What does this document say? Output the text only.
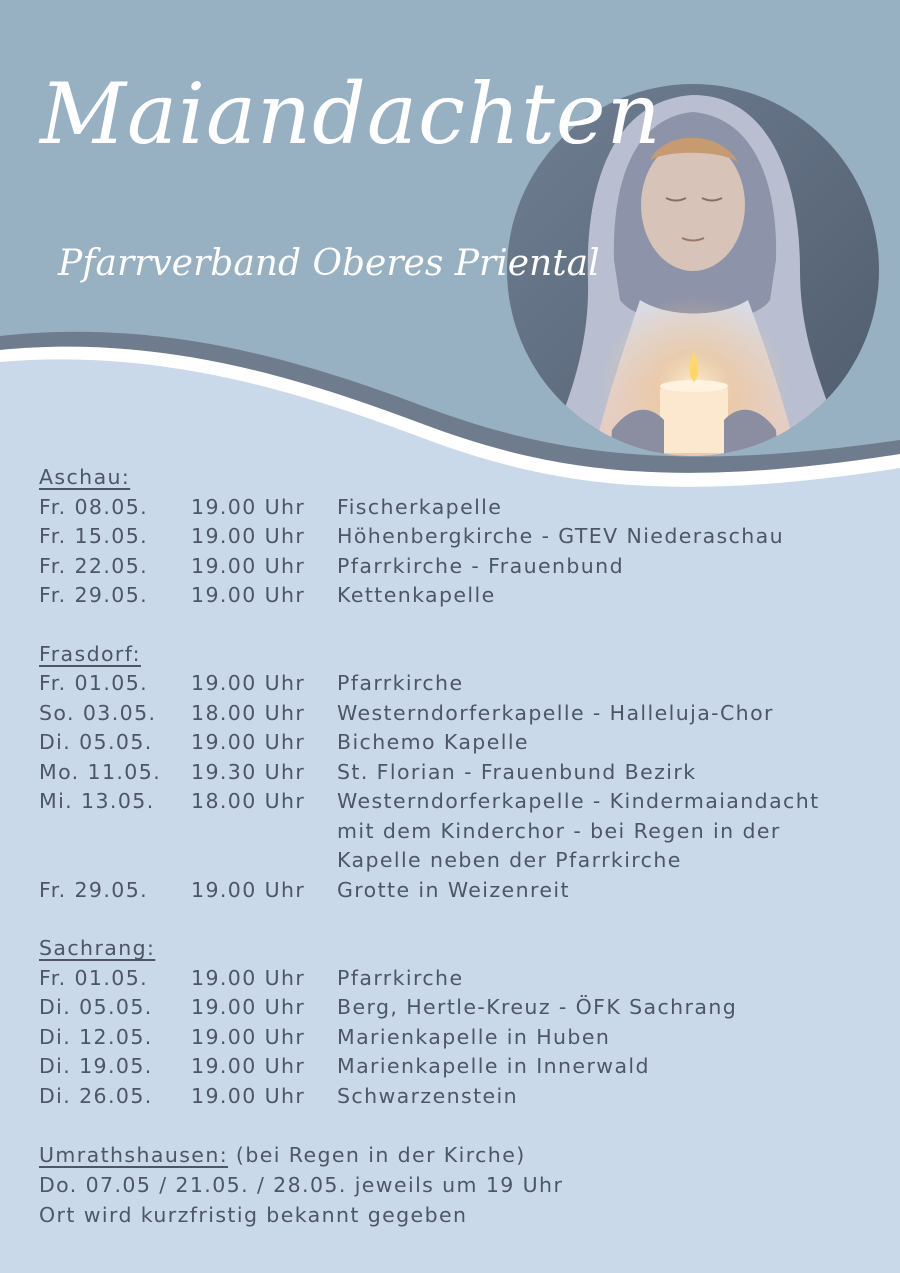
Maiandachten
Pfarrverband Oberes Priental
Aschau:
Fr. 08.05.	19.00 Uhr	Fischerkapelle
Fr. 15.05.	19.00 Uhr	Höhenbergkirche - GTEV Niederaschau
Fr. 22.05.	19.00 Uhr	Pfarrkirche - Frauenbund
Fr. 29.05.	19.00 Uhr	Kettenkapelle
Frasdorf:
Fr. 01.05.	19.00 Uhr	Pfarrkirche
So. 03.05.	18.00 Uhr	Westerndorferkapelle - Halleluja-Chor
Di. 05.05.	19.00 Uhr	Bichemo Kapelle
Mo. 11.05.	19.30 Uhr	St. Florian - Frauenbund Bezirk
Mi. 13.05.	18.00 Uhr	Westerndorferkapelle - Kindermaiandacht
mit dem Kinderchor - bei Regen in der
Kapelle neben der Pfarrkirche
Fr. 29.05.	19.00 Uhr	Grotte in Weizenreit
Sachrang:
Fr. 01.05.	19.00 Uhr	Pfarrkirche
Di. 05.05.	19.00 Uhr	Berg, Hertle-Kreuz - ÖFK Sachrang
Di. 12.05.	19.00 Uhr	Marienkapelle in Huben
Di. 19.05.	19.00 Uhr	Marienkapelle in Innerwald
Di. 26.05.	19.00 Uhr	Schwarzenstein
Umrathshausen: (bei Regen in der Kirche)
Do. 07.05 / 21.05. / 28.05. jeweils um 19 Uhr
Ort wird kurzfristig bekannt gegeben
